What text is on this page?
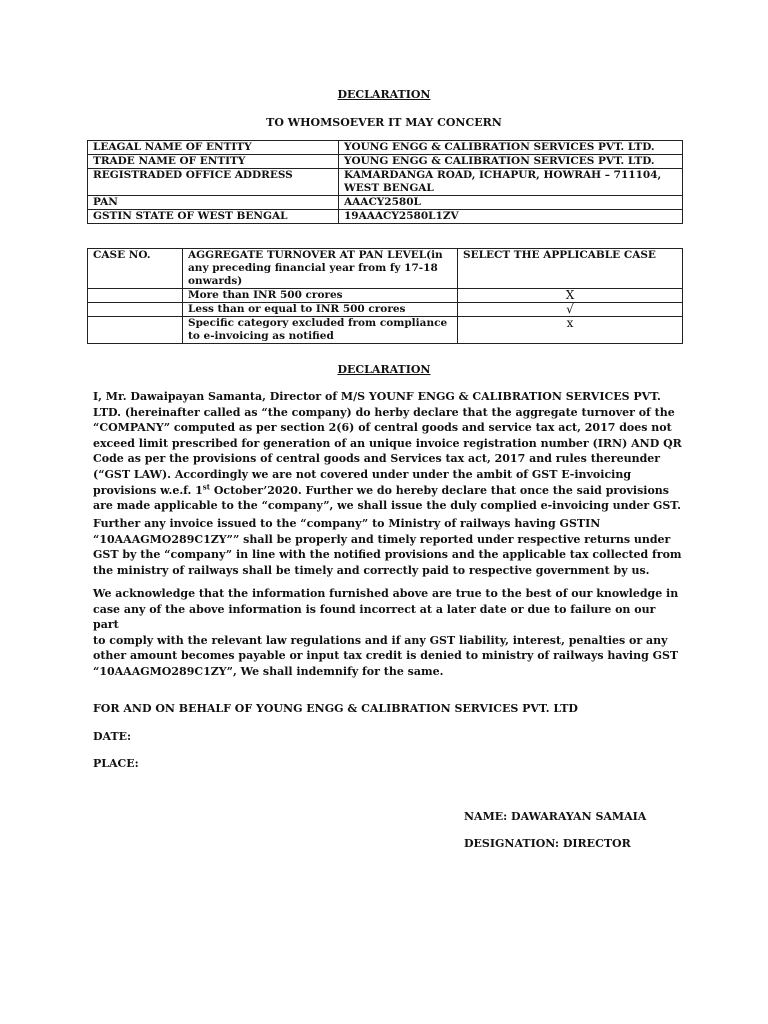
DECLARATION
TO WHOMSOEVER IT MAY CONCERN
LEAGAL NAME OF ENTITY	YOUNG ENGG & CALIBRATION SERVICES PVT. LTD.
TRADE NAME OF ENTITY	YOUNG ENGG & CALIBRATION SERVICES PVT. LTD.
REGISTRADED OFFICE ADDRESS	KAMARDANGA ROAD, ICHAPUR, HOWRAH – 711104,
WEST BENGAL

PAN	AAACY2580L
GSTIN STATE OF WEST BENGAL	19AAACY2580L1ZV
CASE NO.	AGGREGATE TURNOVER AT PAN LEVEL(in
any preceding financial year from fy 17-18
onwards)	SELECT THE APPLICABLE CASE
	More than INR 500 crores	X
	Less than or equal to INR 500 crores	√

	Specific category excluded from compliance
to e-invoicing as notified	x
DECLARATION
I, Mr. Dawaipayan Samanta, Director of M/S YOUNF ENGG & CALIBRATION SERVICES PVT.
LTD. (hereinafter called as “the company) do herby declare that the aggregate turnover of the
“COMPANY” computed as per section 2(6) of central goods and service tax act, 2017 does not
exceed limit prescribed for generation of an unique invoice registration number (IRN) AND QR
Code as per the provisions of central goods and Services tax act, 2017 and rules thereunder
(“GST LAW). Accordingly we are not covered under under the ambit of GST E-invoicing
provisions w.e.f. 1st October’2020. Further we do hereby declare that once the said provisions
are made applicable to the “company”, we shall issue the duly complied e-invoicing under GST.
Further any invoice issued to the “company” to Ministry of railways having GSTIN
“10AAAGMO289C1ZY”” shall be properly and timely reported under respective returns under
GST by the “company” in line with the notified provisions and the applicable tax collected from
the ministry of railways shall be timely and correctly paid to respective government by us.
We acknowledge that the information furnished above are true to the best of our knowledge in
case any of the above information is found incorrect at a later date or due to failure on our part
to comply with the relevant law regulations and if any GST liability, interest, penalties or any
other amount becomes payable or input tax credit is denied to ministry of railways having GST
“10AAAGMO289C1ZY”, We shall indemnify for the same.
FOR AND ON BEHALF OF YOUNG ENGG & CALIBRATION SERVICES PVT. LTD
DATE:
PLACE:
NAME: DAWARAYAN SAMAIA
DESIGNATION: DIRECTOR
